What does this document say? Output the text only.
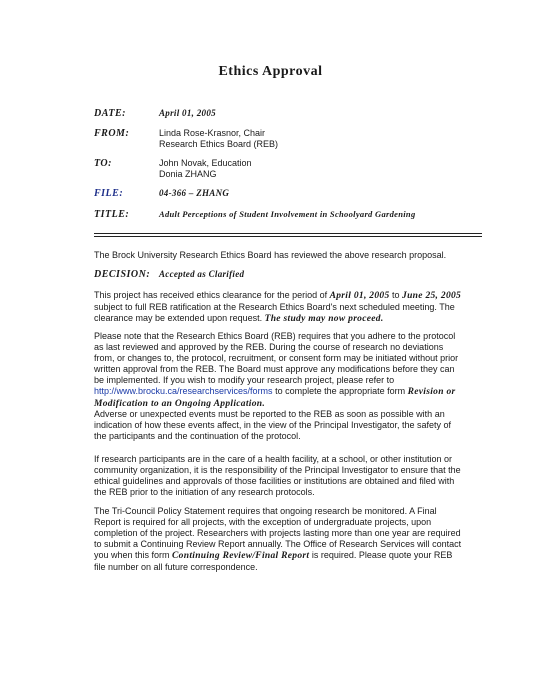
Ethics Approval
DATE:	April 01, 2005
FROM:	Linda Rose-Krasnor, Chair
Research Ethics Board (REB)
TO:	John Novak, Education
Donia ZHANG
FILE:	04-366 – ZHANG
TITLE:	Adult Perceptions of Student Involvement in Schoolyard Gardening
The Brock University Research Ethics Board has reviewed the above research proposal.
DECISION: Accepted as Clarified
This project has received ethics clearance for the period of April 01, 2005 to June 25, 2005 subject to full REB ratification at the Research Ethics Board's next scheduled meeting. The clearance may be extended upon request. The study may now proceed.
Please note that the Research Ethics Board (REB) requires that you adhere to the protocol as last reviewed and approved by the REB. During the course of research no deviations from, or changes to, the protocol, recruitment, or consent form may be initiated without prior written approval from the REB. The Board must approve any modifications before they can be implemented. If you wish to modify your research project, please refer to http://www.brocku.ca/researchservices/forms to complete the appropriate form Revision or Modification to an Ongoing Application.
Adverse or unexpected events must be reported to the REB as soon as possible with an indication of how these events affect, in the view of the Principal Investigator, the safety of the participants and the continuation of the protocol.
If research participants are in the care of a health facility, at a school, or other institution or community organization, it is the responsibility of the Principal Investigator to ensure that the ethical guidelines and approvals of those facilities or institutions are obtained and filed with the REB prior to the initiation of any research protocols.
The Tri-Council Policy Statement requires that ongoing research be monitored. A Final Report is required for all projects, with the exception of undergraduate projects, upon completion of the project. Researchers with projects lasting more than one year are required to submit a Continuing Review Report annually. The Office of Research Services will contact you when this form Continuing Review/Final Report is required. Please quote your REB file number on all future correspondence.
